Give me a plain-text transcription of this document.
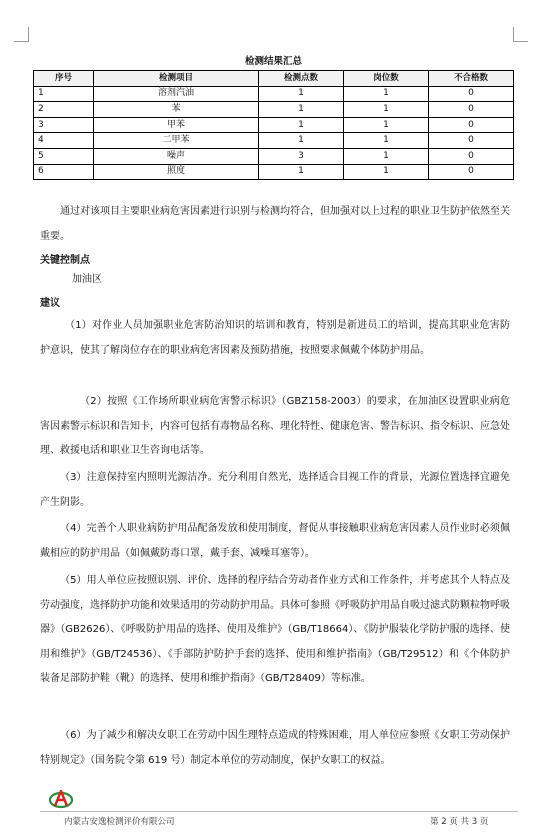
检测结果汇总
序号	检测项目	检测点数	岗位数	不合格数
1	溶剂汽油	1	1	0
2	苯	1	1	0
3	甲苯	1	1	0
4	二甲苯	1	1	0
5	噪声	3	1	0
6	照度	1	1	0

通过对该项目主要职业病危害因素进行识别与检测均符合，但加强对以上过程的职业卫生防护依然至关重要。

关键控制点

加油区

建议

（1）对作业人员加强职业危害防治知识的培训和教育，特别是新进员工的培训，提高其职业危害防护意识，使其了解岗位存在的职业病危害因素及预防措施，按照要求佩戴个体防护用品。

（2）按照《工作场所职业病危害警示标识》（GBZ158-2003）的要求，在加油区设置职业病危害因素警示标识和告知卡，内容可包括有毒物品名称、理化特性、健康危害、警告标识、指令标识、应急处理、救援电话和职业卫生咨询电话等。

（3）注意保持室内照明光源洁净。充分利用自然光，选择适合目视工作的背景，光源位置选择宜避免产生阴影。

（4）完善个人职业病防护用品配备发放和使用制度，督促从事接触职业病危害因素人员作业时必须佩戴相应的防护用品（如佩戴防毒口罩，戴手套、减噪耳塞等）。

（5）用人单位应按照识别、评价、选择的程序结合劳动者作业方式和工作条件，并考虑其个人特点及劳动强度，选择防护功能和效果适用的劳动防护用品。具体可参照《呼吸防护用品自吸过滤式防颗粒物呼吸器》（GB2626）、《呼吸防护用品的选择、使用及维护》（GB/T18664）、《防护服装化学防护服的选择、使用和维护》（GB/T24536）、《手部防护防护手套的选择、使用和维护指南》（GB/T29512）和《个体防护装备足部防护鞋（靴）的选择、使用和维护指南》（GB/T28409）等标准。

（6）为了减少和解决女职工在劳动中因生理特点造成的特殊困难，用人单位应参照《女职工劳动保护特别规定》（国务院令第 619 号）制定本单位的劳动制度，保护女职工的权益。

内蒙古安逸检测评价有限公司	第 2 页 共 3 页
